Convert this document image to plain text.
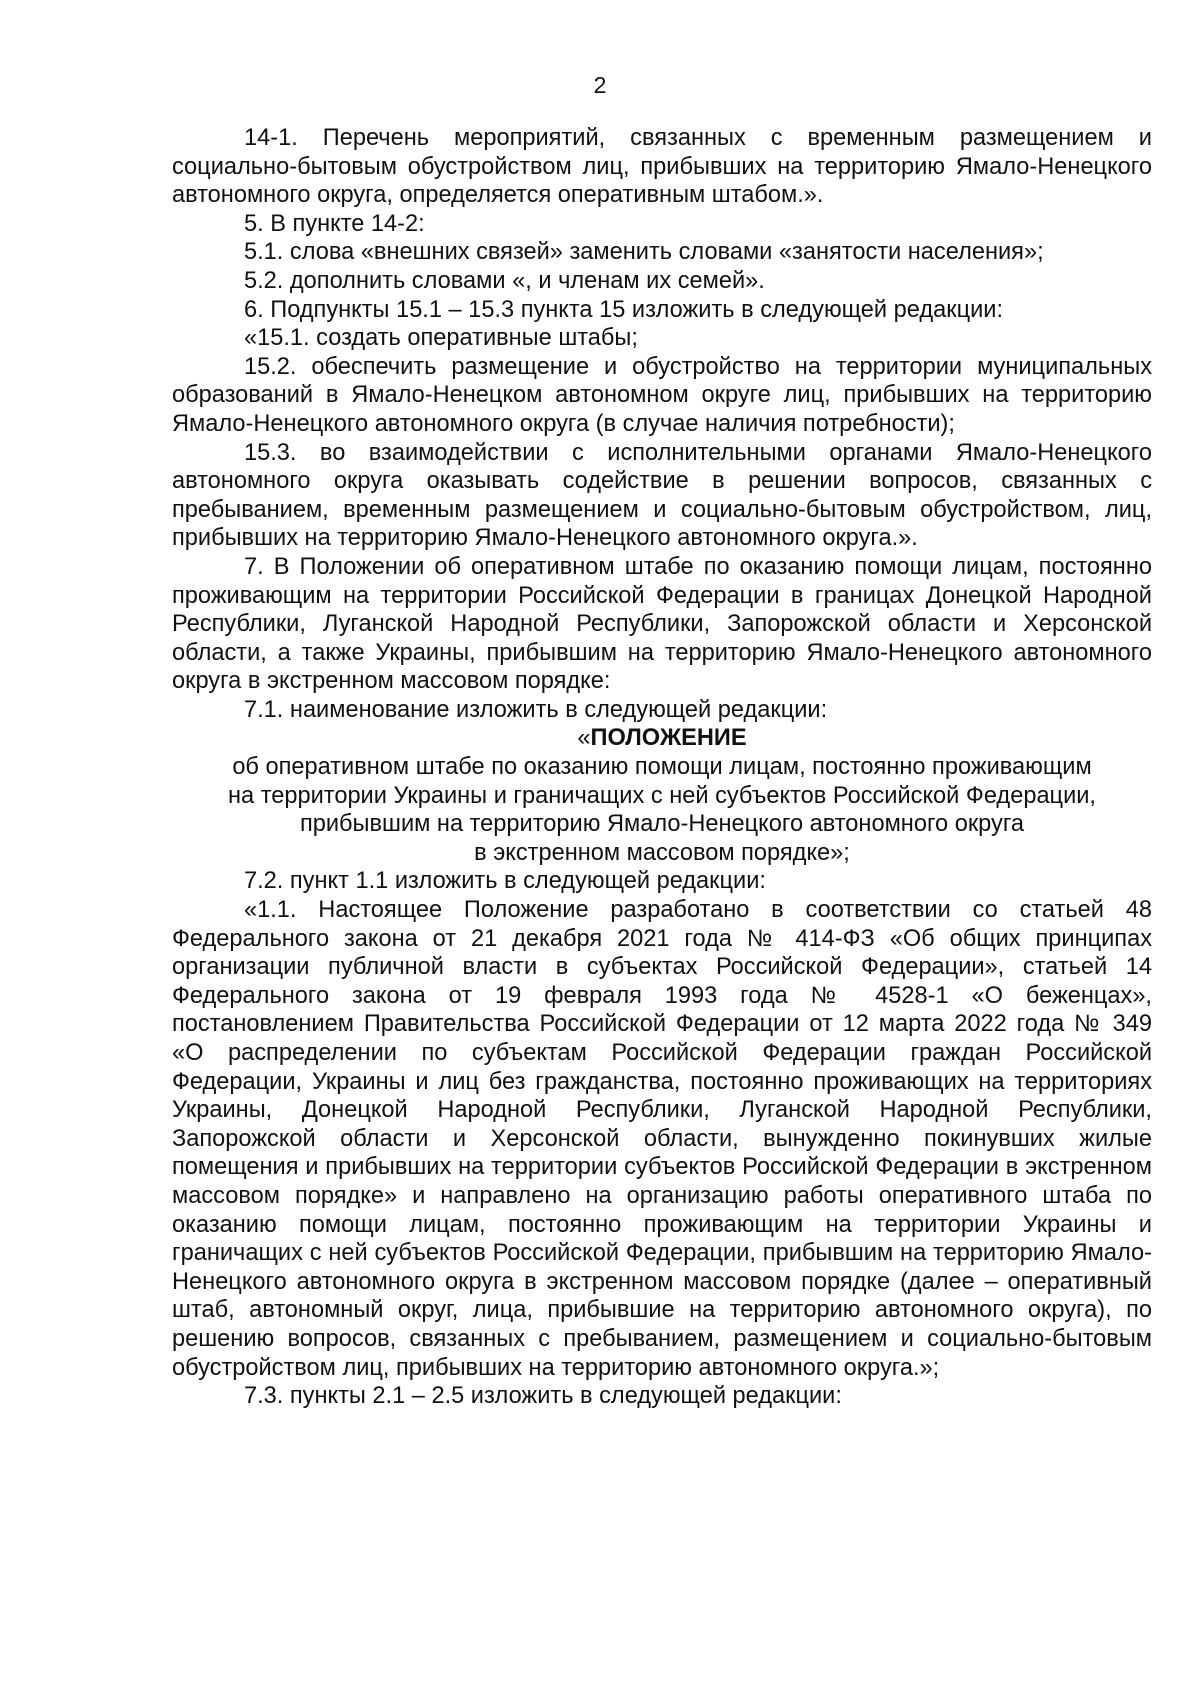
2

14-1. Перечень мероприятий, связанных с временным размещением и социально-бытовым обустройством лиц, прибывших на территорию Ямало-Ненецкого автономного округа, определяется оперативным штабом.».

5. В пункте 14-2:

5.1. слова «внешних связей» заменить словами «занятости населения»;

5.2. дополнить словами «, и членам их семей».

6. Подпункты 15.1 – 15.3 пункта 15 изложить в следующей редакции:

«15.1. создать оперативные штабы;

15.2. обеспечить размещение и обустройство на территории муниципальных образований в Ямало-Ненецком автономном округе лиц, прибывших на территорию Ямало-Ненецкого автономного округа (в случае наличия потребности);

15.3. во взаимодействии с исполнительными органами Ямало-Ненецкого автономного округа оказывать содействие в решении вопросов, связанных с пребыванием, временным размещением и социально-бытовым обустройством, лиц, прибывших на территорию Ямало-Ненецкого автономного округа.».

7. В Положении об оперативном штабе по оказанию помощи лицам, постоянно проживающим на территории Российской Федерации в границах Донецкой Народной Республики, Луганской Народной Республики, Запорожской области и Херсонской области, а также Украины, прибывшим на территорию Ямало-Ненецкого автономного округа в экстренном массовом порядке:

7.1. наименование изложить в следующей редакции:

«ПОЛОЖЕНИЕ

об оперативном штабе по оказанию помощи лицам, постоянно проживающим

на территории Украины и граничащих с ней субъектов Российской Федерации,

прибывшим на территорию Ямало-Ненецкого автономного округа

в экстренном массовом порядке»;

7.2. пункт 1.1 изложить в следующей редакции:

«1.1. Настоящее Положение разработано в соответствии со статьей 48 Федерального закона от 21 декабря 2021 года № 414-ФЗ «Об общих принципах организации публичной власти в субъектах Российской Федерации», статьей 14 Федерального закона от 19 февраля 1993 года № 4528-1 «О беженцах», постановлением Правительства Российской Федерации от 12 марта 2022 года № 349 «О распределении по субъектам Российской Федерации граждан Российской Федерации, Украины и лиц без гражданства, постоянно проживающих на территориях Украины, Донецкой Народной Республики, Луганской Народной Республики, Запорожской области и Херсонской области, вынужденно покинувших жилые помещения и прибывших на территории субъектов Российской Федерации в экстренном массовом порядке» и направлено на организацию работы оперативного штаба по оказанию помощи лицам, постоянно проживающим на территории Украины и граничащих с ней субъектов Российской Федерации, прибывшим на территорию Ямало-Ненецкого автономного округа в экстренном массовом порядке (далее – оперативный штаб, автономный округ, лица, прибывшие на территорию автономного округа), по решению вопросов, связанных с пребыванием, размещением и социально-бытовым обустройством лиц, прибывших на территорию автономного округа.»;

7.3. пункты 2.1 – 2.5 изложить в следующей редакции:
